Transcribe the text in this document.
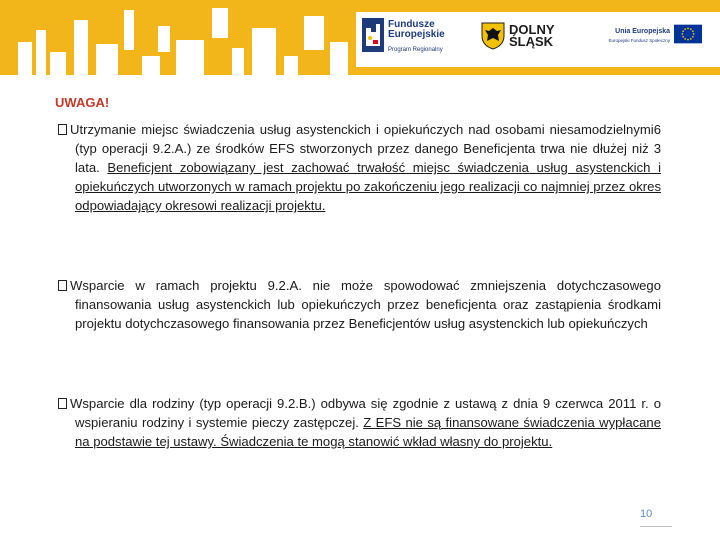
Fundusze
Europejskie
Program Regionalny
DOLNY
ŚLĄSK
Unia Europejska
Europejski Fundusz Społeczny
UWAGA!

Utrzymanie miejsc świadczenia usług asystenckich i opiekuńczych nad osobami niesamodzielnymi6 (typ operacji 9.2.A.) ze środków EFS stworzonych przez danego Beneficjenta trwa nie dłużej niż 3 lata. Beneficjent zobowiązany jest zachować trwałość miejsc świadczenia usług asystenckich i opiekuńczych utworzonych w ramach projektu po zakończeniu jego realizacji co najmniej przez okres odpowiadający okresowi realizacji projektu.

Wsparcie w ramach projektu 9.2.A. nie może spowodować zmniejszenia dotychczasowego finansowania usług asystenckich lub opiekuńczych przez beneficjenta oraz zastąpienia środkami projektu dotychczasowego finansowania przez Beneficjentów usług asystenckich lub opiekuńczych

Wsparcie dla rodziny (typ operacji 9.2.B.) odbywa się zgodnie z ustawą z dnia 9 czerwca 2011 r. o wspieraniu rodziny i systemie pieczy zastępczej. Z EFS nie są finansowane świadczenia wypłacane na podstawie tej ustawy. Świadczenia te mogą stanowić wkład własny do projektu.

10
